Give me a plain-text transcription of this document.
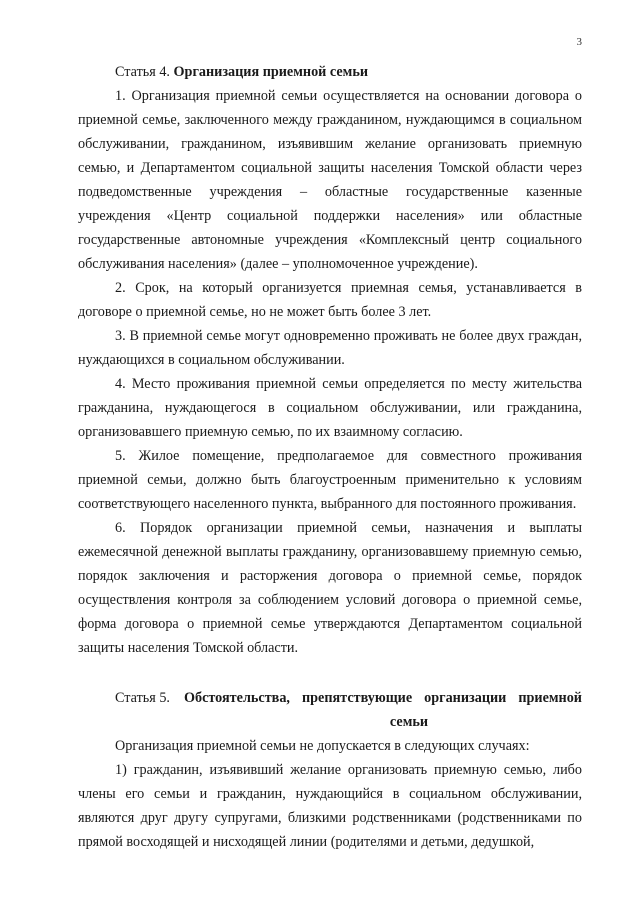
3

Статья 4. Организация приемной семьи

1. Организация приемной семьи осуществляется на основании договора о приемной семье, заключенного между гражданином, нуждающимся в социальном обслуживании, гражданином, изъявившим желание организовать приемную семью, и Департаментом социальной защиты населения Томской области через подведомственные учреждения – областные государственные казенные учреждения «Центр социальной поддержки населения» или областные государственные автономные учреждения «Комплексный центр социального обслуживания населения» (далее – уполномоченное учреждение).

2. Срок, на который организуется приемная семья, устанавливается в договоре о приемной семье, но не может быть более 3 лет.

3. В приемной семье могут одновременно проживать не более двух граждан, нуждающихся в социальном обслуживании.

4. Место проживания приемной семьи определяется по месту жительства гражданина, нуждающегося в социальном обслуживании, или гражданина, организовавшего приемную семью, по их взаимному согласию.

5. Жилое помещение, предполагаемое для совместного проживания приемной семьи, должно быть благоустроенным применительно к условиям соответствующего населенного пункта, выбранного для постоянного проживания.

6. Порядок организации приемной семьи, назначения и выплаты ежемесячной денежной выплаты гражданину, организовавшему приемную семью, порядок заключения и расторжения договора о приемной семье, порядок осуществления контроля за соблюдением условий договора о приемной семье, форма договора о приемной семье утверждаются Департаментом социальной защиты населения Томской области.

Статья 5. Обстоятельства, препятствующие организации приемной
семьи

Организация приемной семьи не допускается в следующих случаях:

1) гражданин, изъявивший желание организовать приемную семью, либо члены его семьи и гражданин, нуждающийся в социальном обслуживании, являются друг другу супругами, близкими родственниками (родственниками по прямой восходящей и нисходящей линии (родителями и детьми, дедушкой,
